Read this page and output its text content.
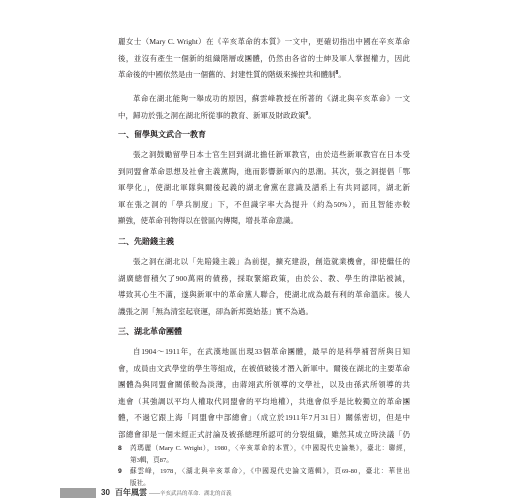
麗女士（Mary C. Wright）在《辛亥革命的本質》一文中，更確切指出中國在辛亥革命
後，並沒有產生一個新的組織階層或團體，仍然由各省的士紳及軍人掌握權力，因此
革命後的中國依然是由一個舊的、封建性質的階級來操控共和體制$^8$。
革命在湖北能夠一舉成功的原因，蘇雲峰教授在所著的《湖北與辛亥革命》一文
中，歸功於張之洞在湖北所從事的教育、新軍及財政政策$^9$。
一、留學與文武合一教育
張之洞鼓勵留學日本士官生回到湖北擔任新軍教官，由於這些新軍教官在日本受
到同盟會革命思想及社會主義薰陶，進而影響新軍內的思潮。其次，張之洞提倡「鄂
軍學化」，使湖北軍隊與爾後起義的湖北會黨在意識及譜系上有共同認同，湖北新
軍在張之洞的「學兵制度」下，不但識字率大為提升（約為50%），而且智能亦較
顯強，使革命刊物得以在營區內傳閱，增長革命意識。
二、先賠錢主義
張之洞在湖北以「先賠錢主義」為前提，擴充建設，創造就業機會，卻使繼任的
湖廣總督積欠了900萬兩的債務，採取緊縮政策，由於公、教、學生的津貼被減，
導致其心生不滿，遂與新軍中的革命黨人聯合，使湖北成為最有利的革命溫床。後人
譏張之洞「無為清室起衰運，卻為新邦奠始基」實不為過。
三、湖北革命團體
自1904～1911年，在武漢地區出現33個革命團體，最早的是科學補習所與日知
會，成員由文武學堂的學生等組成，在被偵破後才潛入新軍中。爾後在湖北的主要革命
團體為與同盟會關係較為淡薄，由蔣翊武所領導的文學社，以及由孫武所領導的共
進會（其強調以平均人權取代同盟會的平均地權），共進會似乎是比較獨立的革命團
體，不過它跟上海「同盟會中部總會」（成立於1911年7月31日）關係密切，但是中
部總會卻是一個未經正式討論及被孫總理所認可的分裂組織，雖然其成立時決議「仍
8 芮瑪麗（Mary C. Wright），1980，〈辛亥革命的本質〉，《中國現代史論集》，臺北：聯經，
第3輯，頁87。
9 蘇雲峰，1978，〈湖北與辛亥革命〉，《中國現代史論文選輯》，頁69-80，臺北：華世出
版社。
30 百年風雲 ——辛亥武昌的革命．湖北的首義
